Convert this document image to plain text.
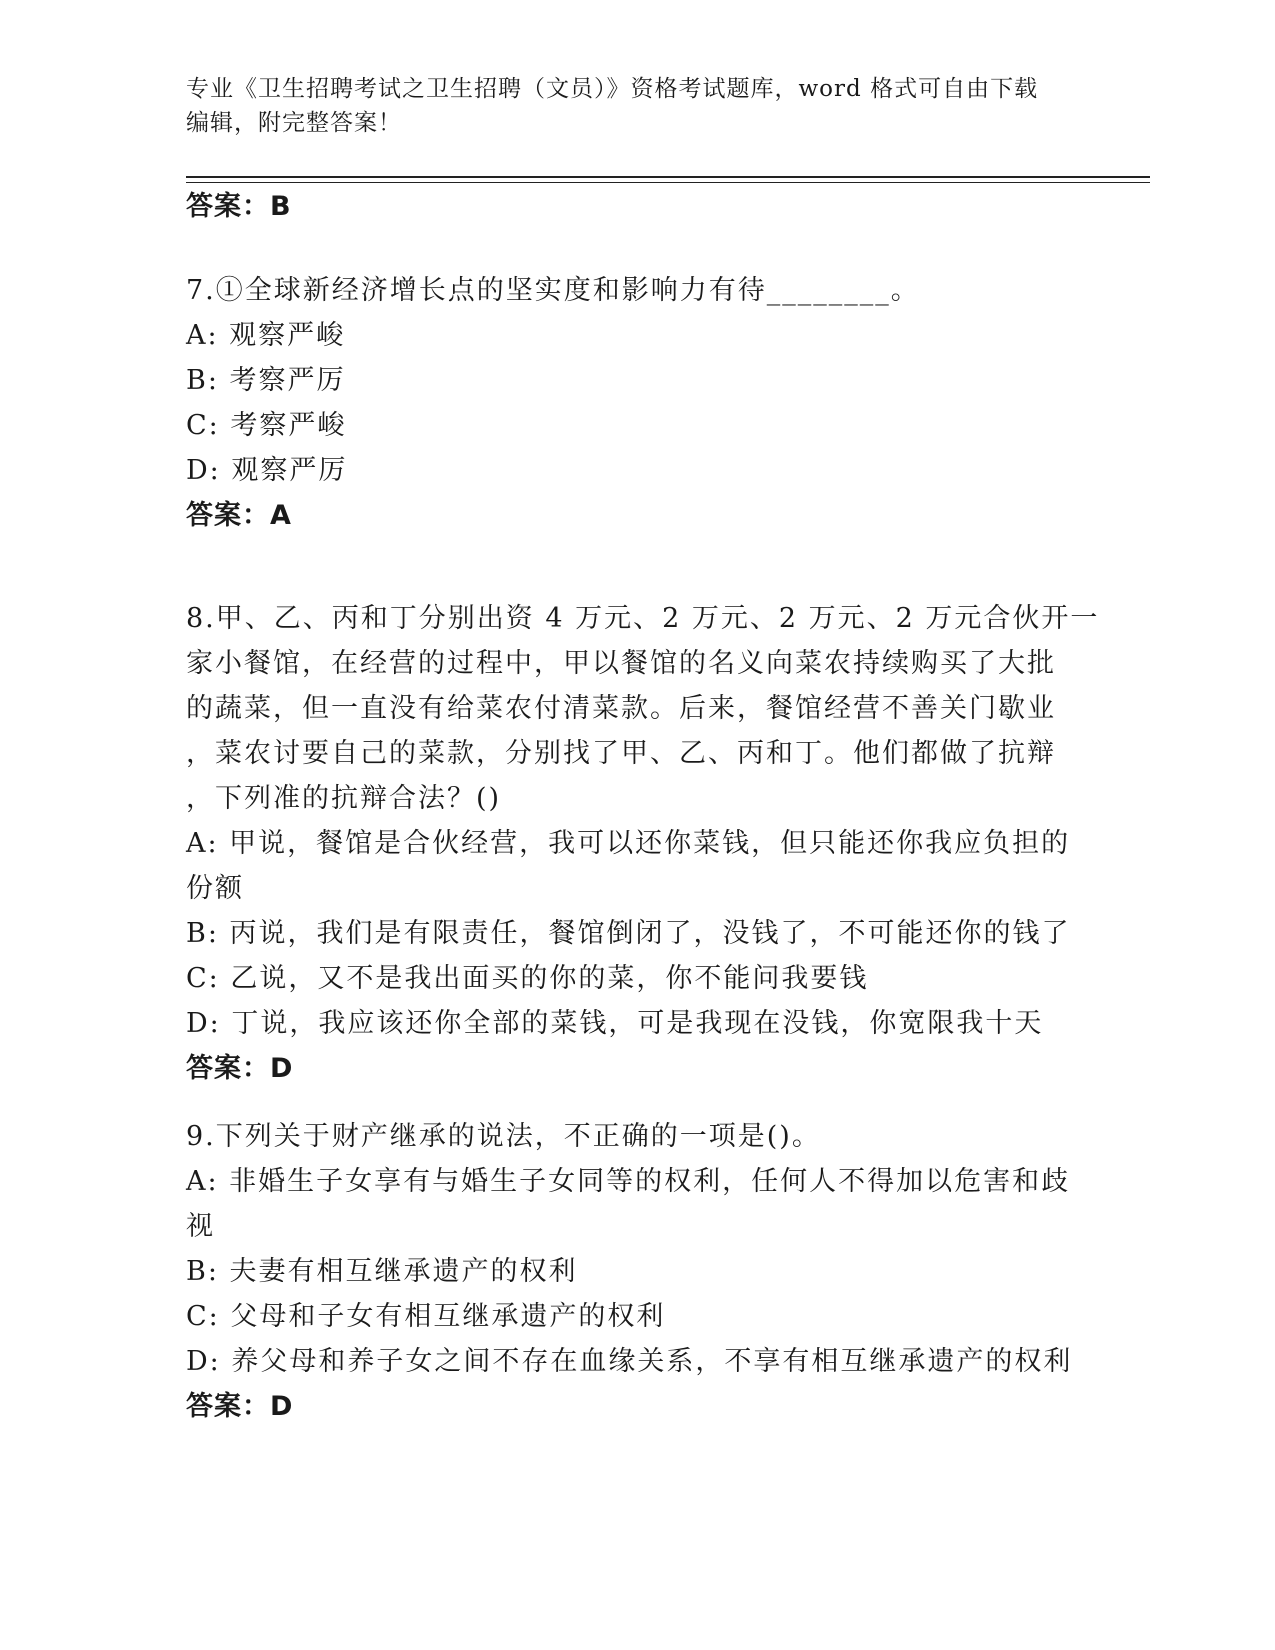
专业《卫生招聘考试之卫生招聘（文员）》资格考试题库，word 格式可自由下载
编辑，附完整答案！
答案：B
7.①全球新经济增长点的坚实度和影响力有待________。
A: 观察严峻
B: 考察严厉
C: 考察严峻
D: 观察严厉
答案：A
8.甲、乙、丙和丁分别出资 4 万元、2 万元、2 万元、2 万元合伙开一
家小餐馆，在经营的过程中，甲以餐馆的名义向菜农持续购买了大批
的蔬菜，但一直没有给菜农付清菜款。后来，餐馆经营不善关门歇业
，菜农讨要自己的菜款，分别找了甲、乙、丙和丁。他们都做了抗辩
，下列准的抗辩合法？()
A: 甲说，餐馆是合伙经营，我可以还你菜钱，但只能还你我应负担的
份额
B: 丙说，我们是有限责任，餐馆倒闭了，没钱了，不可能还你的钱了
C: 乙说，又不是我出面买的你的菜，你不能问我要钱
D: 丁说，我应该还你全部的菜钱，可是我现在没钱，你宽限我十天
答案：D
9.下列关于财产继承的说法，不正确的一项是()。
A: 非婚生子女享有与婚生子女同等的权利，任何人不得加以危害和歧
视
B: 夫妻有相互继承遗产的权利
C: 父母和子女有相互继承遗产的权利
D: 养父母和养子女之间不存在血缘关系，不享有相互继承遗产的权利
答案：D
